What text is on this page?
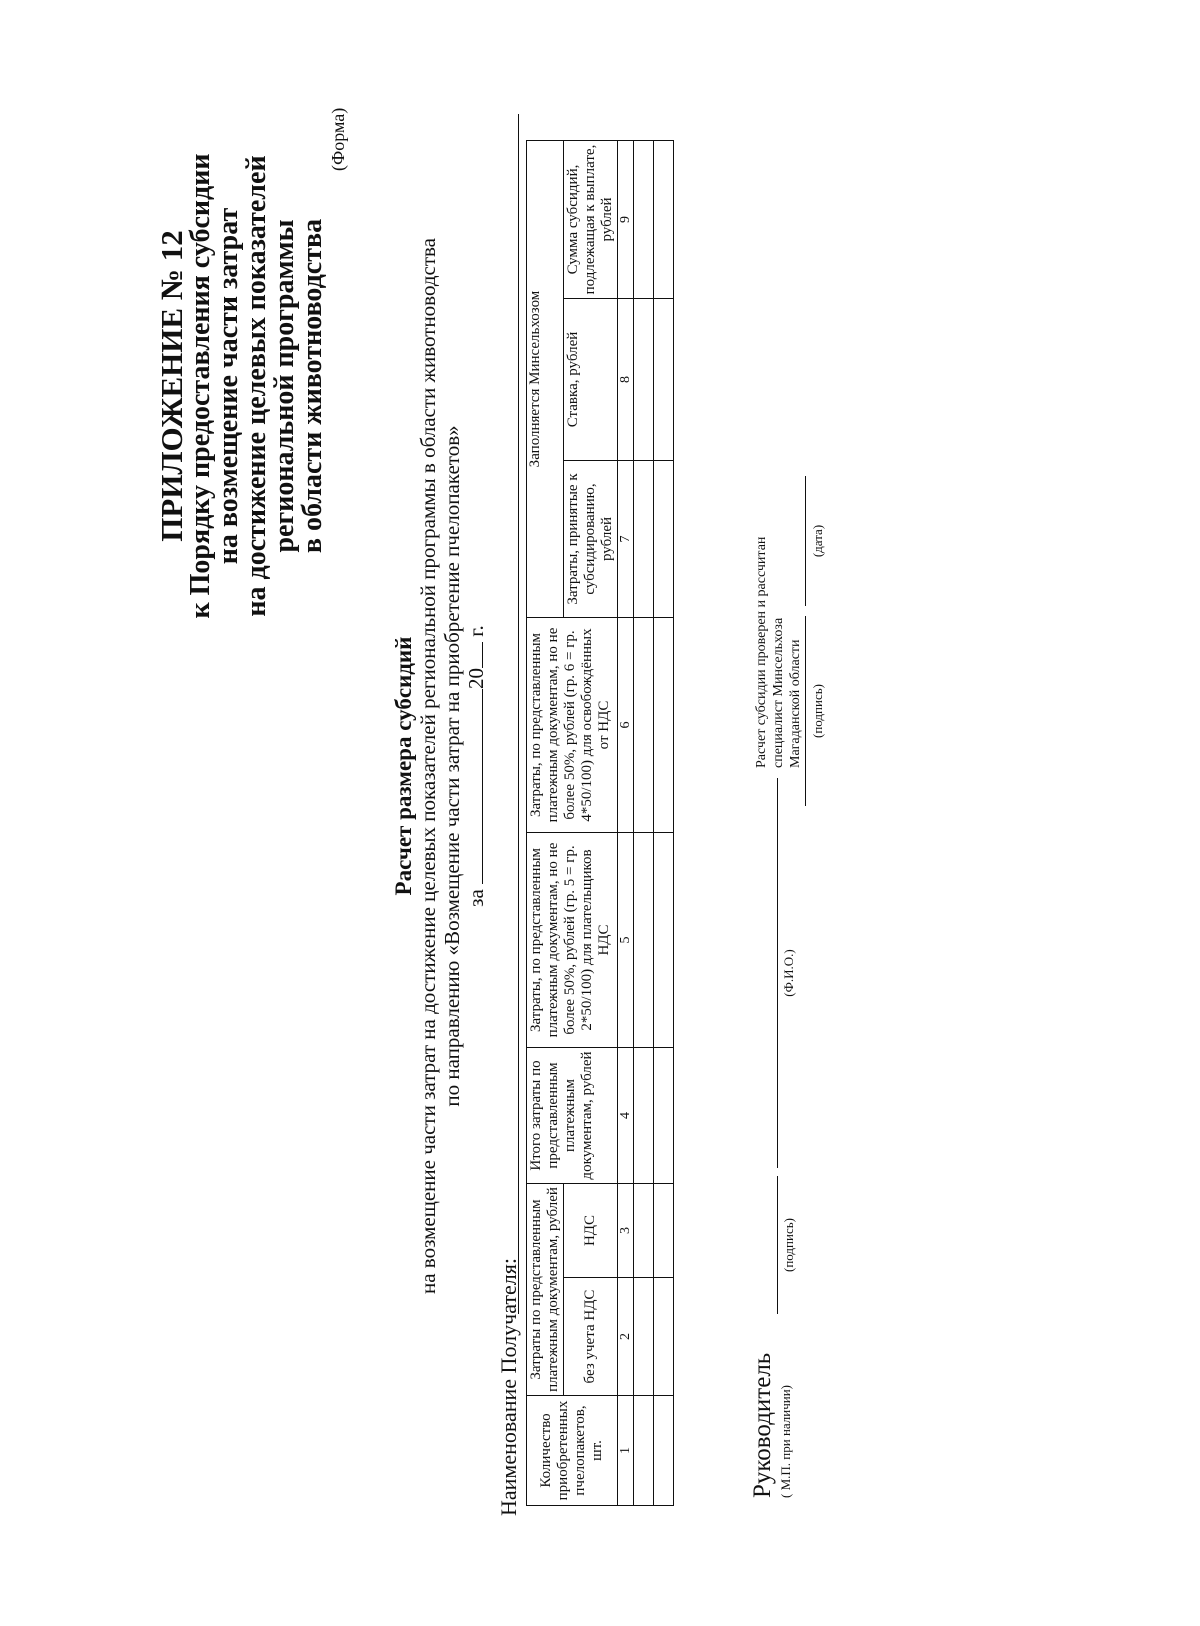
ПРИЛОЖЕНИЕ № 12
к Порядку предоставления субсидии
на возмещение части затрат
на достижение целевых показателей
региональной программы
в области животноводства
(Форма)
Расчет размера субсидий на возмещение части затрат на достижение целевых показателей региональной программы в области животноводства по направлению «Возмещение части затрат на приобретение пчелопакетов» за 20 г.
Наименование Получателя: Количество приобретенных пчелопакетов, шт.	Затраты по представленным платежным документам, рублей		Итого затраты по представленным платежным документам, рублей	Затраты, по представленным платежным документам, но не более 50%, рублей (гр. 5 = гр. 2*50/100) для плательщиков НДС	Затраты, по представленным платежным документам, но не более 50%, рублей (гр. 6 = гр. 4*50/100) для освобождённых от НДС	Заполняется Минсельхозом		
	без учета НДС	НДС				Затраты, принятые к субсидированию, рублей	Ставка, рублей	Сумма субсидий, подлежащая к выплате, рублей
1	2	3	4	5	6	7	8	9

Руководитель ( М.П. при наличии)
(подпись)
(Ф.И.О.)
Расчет субсидии проверен и рассчитан специалист Минсельхоза Магаданской области (подпись)
(дата)
